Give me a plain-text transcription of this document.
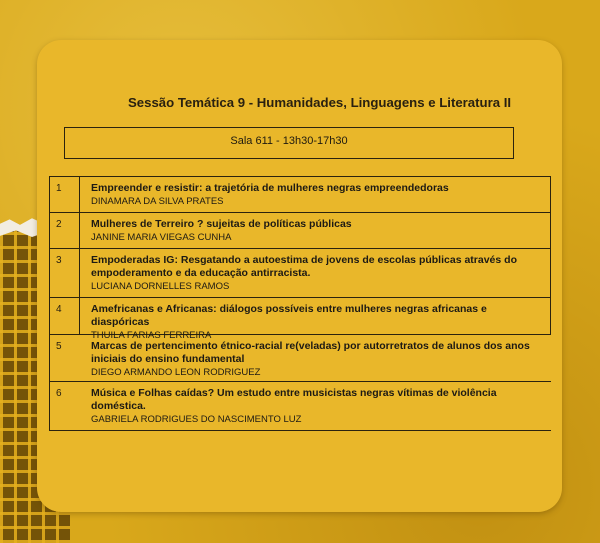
Sessão Temática 9 - Humanidades, Linguagens e Literatura II
Sala 611 - 13h30-17h30
1	Empreender e resistir: a trajetória de mulheres negras empreendedoras
DINAMARA DA SILVA PRATES
2	Mulheres de Terreiro ? sujeitas de políticas públicas
JANINE MARIA VIEGAS CUNHA
3	Empoderadas IG: Resgatando a autoestima de jovens de escolas públicas através do empoderamento e da educação antirracista.
LUCIANA DORNELLES RAMOS
4	Amefricanas e Africanas: diálogos possíveis entre mulheres negras africanas e diaspóricas
THUILA FARIAS FERREIRA
5	Marcas de pertencimento étnico-racial re(veladas) por autorretratos de alunos dos anos iniciais do ensino fundamental
DIEGO ARMANDO LEON RODRIGUEZ
6	Música e Folhas caídas? Um estudo entre musicistas negras vítimas de violência doméstica.
GABRIELA RODRIGUES DO NASCIMENTO LUZ
